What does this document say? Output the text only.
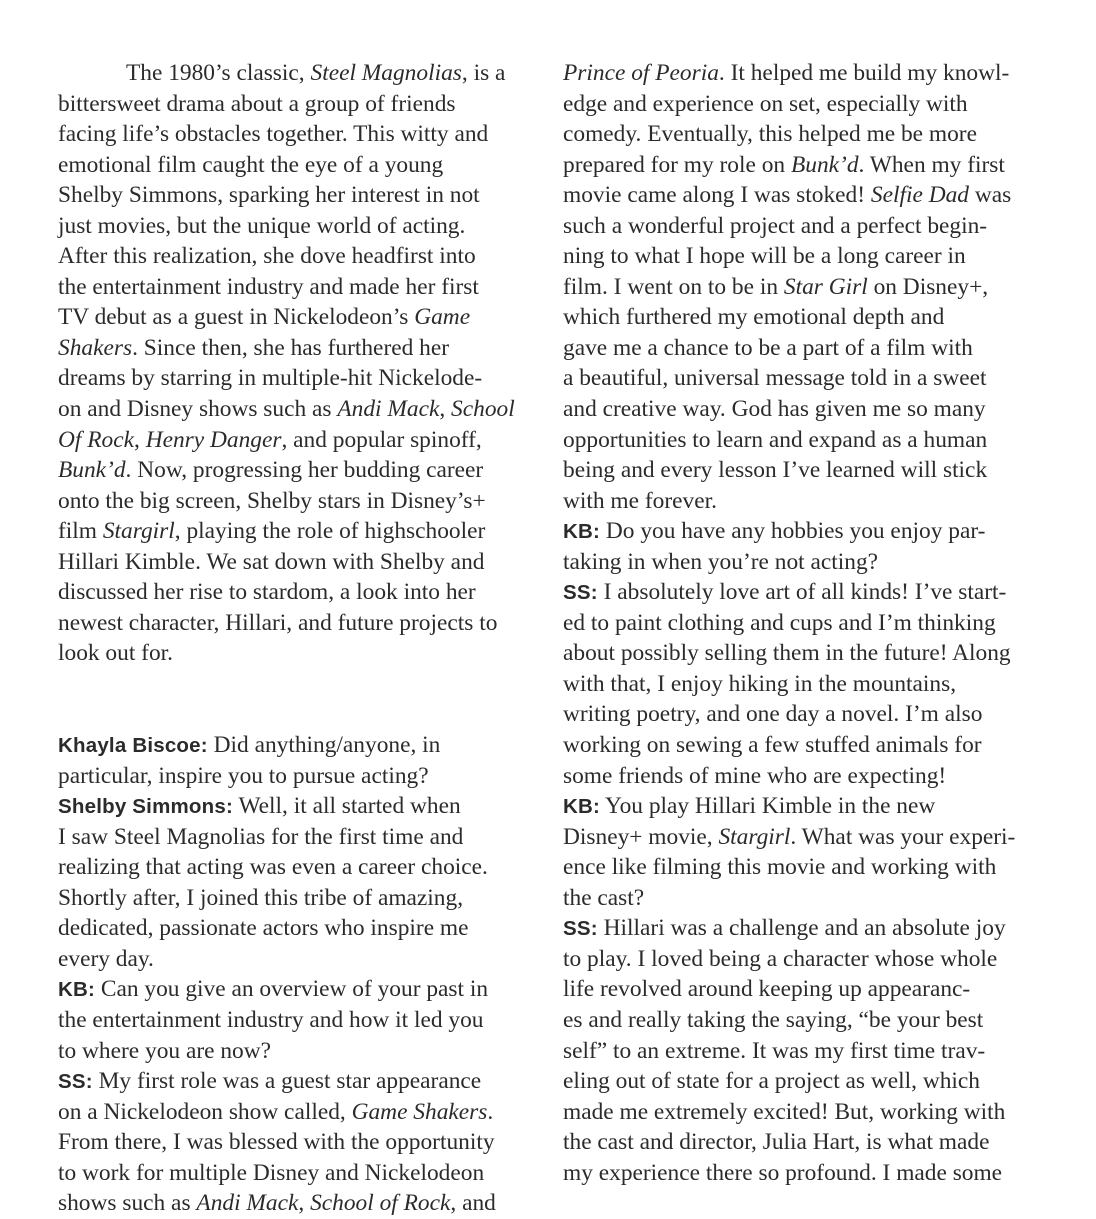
The 1980’s classic, Steel Magnolias, is a
bittersweet drama about a group of friends
facing life’s obstacles together. This witty and
emotional film caught the eye of a young
Shelby Simmons, sparking her interest in not
just movies, but the unique world of acting.
After this realization, she dove headfirst into
the entertainment industry and made her first
TV debut as a guest in Nickelodeon’s Game
Shakers. Since then, she has furthered her
dreams by starring in multiple-hit Nickelode-
on and Disney shows such as Andi Mack, School
Of Rock, Henry Danger, and popular spinoff,
Bunk’d. Now, progressing her budding career
onto the big screen, Shelby stars in Disney’s+
film Stargirl, playing the role of highschooler
Hillari Kimble. We sat down with Shelby and
discussed her rise to stardom, a look into her
newest character, Hillari, and future projects to
look out for.
Khayla Biscoe: Did anything/anyone, in
particular, inspire you to pursue acting?
Shelby Simmons: Well, it all started when
I saw Steel Magnolias for the first time and
realizing that acting was even a career choice.
Shortly after, I joined this tribe of amazing,
dedicated, passionate actors who inspire me
every day.
KB: Can you give an overview of your past in
the entertainment industry and how it led you
to where you are now?
SS: My first role was a guest star appearance
on a Nickelodeon show called, Game Shakers.
From there, I was blessed with the opportunity
to work for multiple Disney and Nickelodeon
shows such as Andi Mack, School of Rock, and
Prince of Peoria. It helped me build my knowl-
edge and experience on set, especially with
comedy. Eventually, this helped me be more
prepared for my role on Bunk’d. When my first
movie came along I was stoked! Selfie Dad was
such a wonderful project and a perfect begin-
ning to what I hope will be a long career in
film. I went on to be in Star Girl on Disney+,
which furthered my emotional depth and
gave me a chance to be a part of a film with
a beautiful, universal message told in a sweet
and creative way. God has given me so many
opportunities to learn and expand as a human
being and every lesson I’ve learned will stick
with me forever.
KB: Do you have any hobbies you enjoy par-
taking in when you’re not acting?
SS: I absolutely love art of all kinds! I’ve start-
ed to paint clothing and cups and I’m thinking
about possibly selling them in the future! Along
with that, I enjoy hiking in the mountains,
writing poetry, and one day a novel. I’m also
working on sewing a few stuffed animals for
some friends of mine who are expecting!
KB: You play Hillari Kimble in the new
Disney+ movie, Stargirl. What was your experi-
ence like filming this movie and working with
the cast?
SS: Hillari was a challenge and an absolute joy
to play. I loved being a character whose whole
life revolved around keeping up appearanc-
es and really taking the saying, “be your best
self” to an extreme. It was my first time trav-
eling out of state for a project as well, which
made me extremely excited! But, working with
the cast and director, Julia Hart, is what made
my experience there so profound. I made some
